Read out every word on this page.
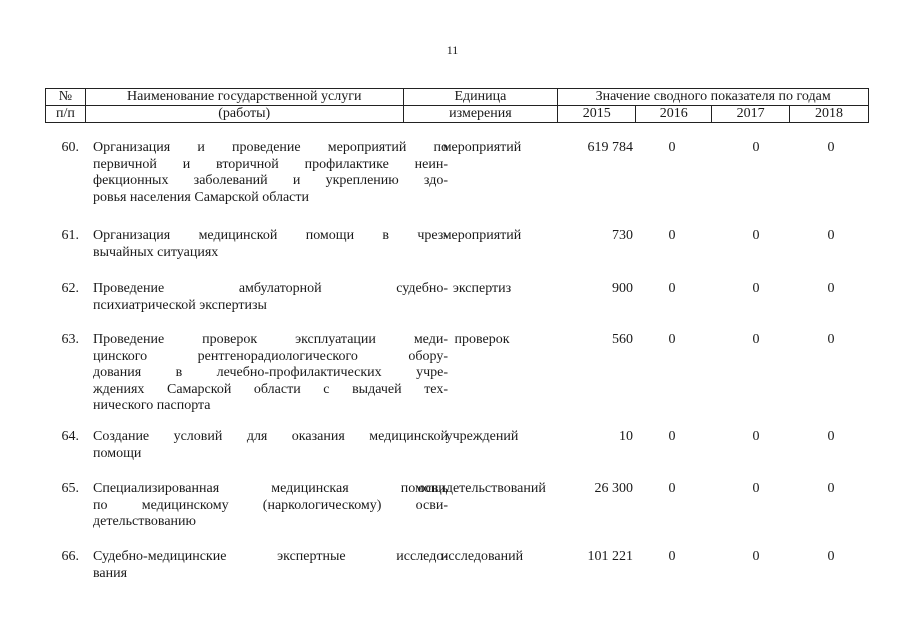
11
№	Наименование государственной услуги	Единица	Значение сводного показателя по годам			
п/п	(работы)	измерения	2015	2016	2017	2018
60. Организация и проведение мероприятий по
первичной и вторичной профилактике неин-
фекционных заболеваний и укреплению здо-
ровья населения Самарской области
мероприятий	619 784	0	0	0
61. Организация медицинской помощи в чрез-
вычайных ситуациях
мероприятий	730	0	0	0
62. Проведение амбулаторной судебно-
психиатрической экспертизы
экспертиз	900	0	0	0
63. Проведение проверок эксплуатации меди-
цинского рентгенорадиологического обору-
дования в лечебно-профилактических учре-
ждениях Самарской области с выдачей тех-
нического паспорта
проверок	560	0	0	0
64. Создание условий для оказания медицинской
помощи
учреждений	10	0	0	0
65. Специализированная медицинская помощь
по медицинскому (наркологическому) осви-
детельствованию
освидетельствований	26 300	0	0	0
66. Судебно-медицинские экспертные исследо-
вания
исследований	101 221	0	0	0
